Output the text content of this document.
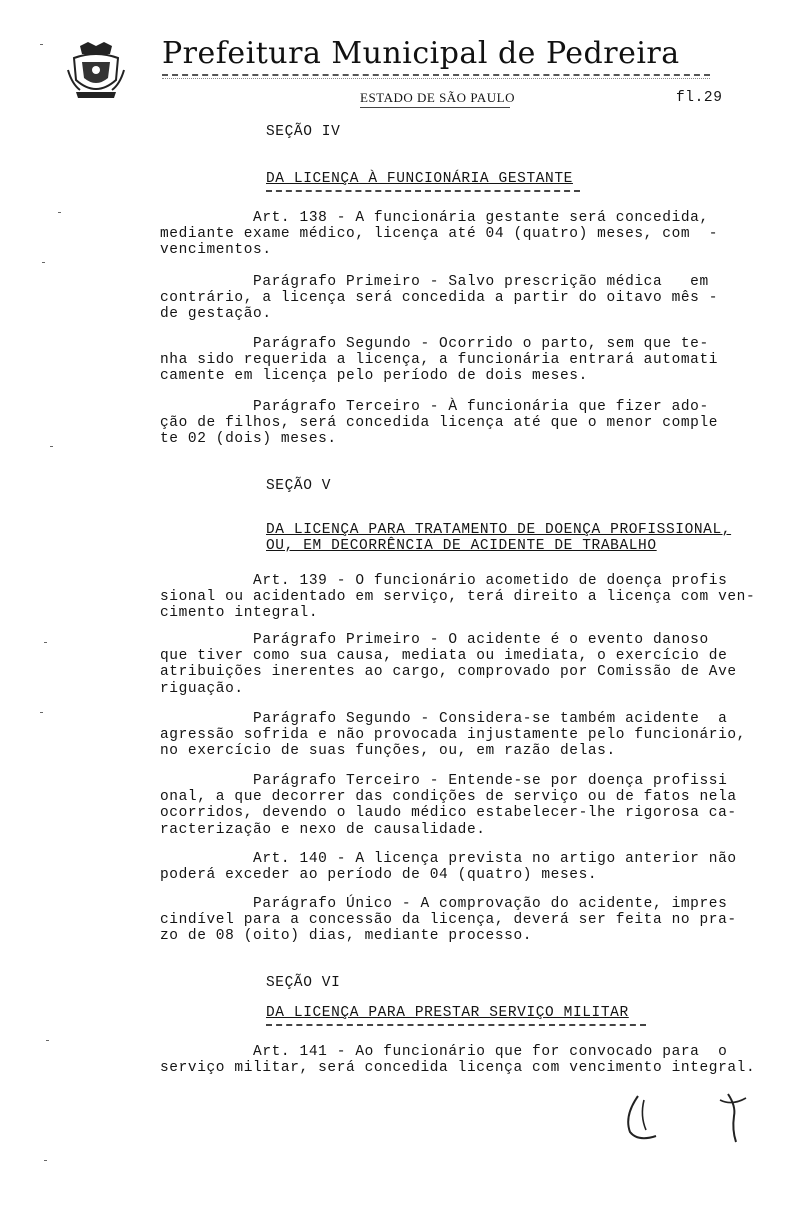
Prefeitura Municipal de Pedreira
ESTADO DE SÃO PAULO	fl.29
SEÇÃO IV
DA LICENÇA À FUNCIONÁRIA GESTANTE
Art. 138 - A funcionária gestante será concedida,
mediante exame médico, licença até 04 (quatro) meses, com  -
vencimentos.
Parágrafo Primeiro - Salvo prescrição médica   em
contrário, a licença será concedida a partir do oitavo mês -
de gestação.
Parágrafo Segundo - Ocorrido o parto, sem que te-
nha sido requerida a licença, a funcionária entrará automati
camente em licença pelo período de dois meses.
Parágrafo Terceiro - À funcionária que fizer ado-
ção de filhos, será concedida licença até que o menor comple
te 02 (dois) meses.
SEÇÃO V
DA LICENÇA PARA TRATAMENTO DE DOENÇA PROFISSIONAL,
OU, EM DECORRÊNCIA DE ACIDENTE DE TRABALHO
Art. 139 - O funcionário acometido de doença profis
sional ou acidentado em serviço, terá direito a licença com ven-
cimento integral.
Parágrafo Primeiro - O acidente é o evento danoso
que tiver como sua causa, mediata ou imediata, o exercício de
atribuições inerentes ao cargo, comprovado por Comissão de Ave
riguação.
Parágrafo Segundo - Considera-se também acidente  a
agressão sofrida e não provocada injustamente pelo funcionário,
no exercício de suas funções, ou, em razão delas.
Parágrafo Terceiro - Entende-se por doença profissi
onal, a que decorrer das condições de serviço ou de fatos nela
ocorridos, devendo o laudo médico estabelecer-lhe rigorosa ca-
racterização e nexo de causalidade.
Art. 140 - A licença prevista no artigo anterior não
poderá exceder ao período de 04 (quatro) meses.
Parágrafo Único - A comprovação do acidente, impres
cindível para a concessão da licença, deverá ser feita no pra-
zo de 08 (oito) dias, mediante processo.
SEÇÃO VI
DA LICENÇA PARA PRESTAR SERVIÇO MILITAR
Art. 141 - Ao funcionário que for convocado para  o
serviço militar, será concedida licença com vencimento integral.
